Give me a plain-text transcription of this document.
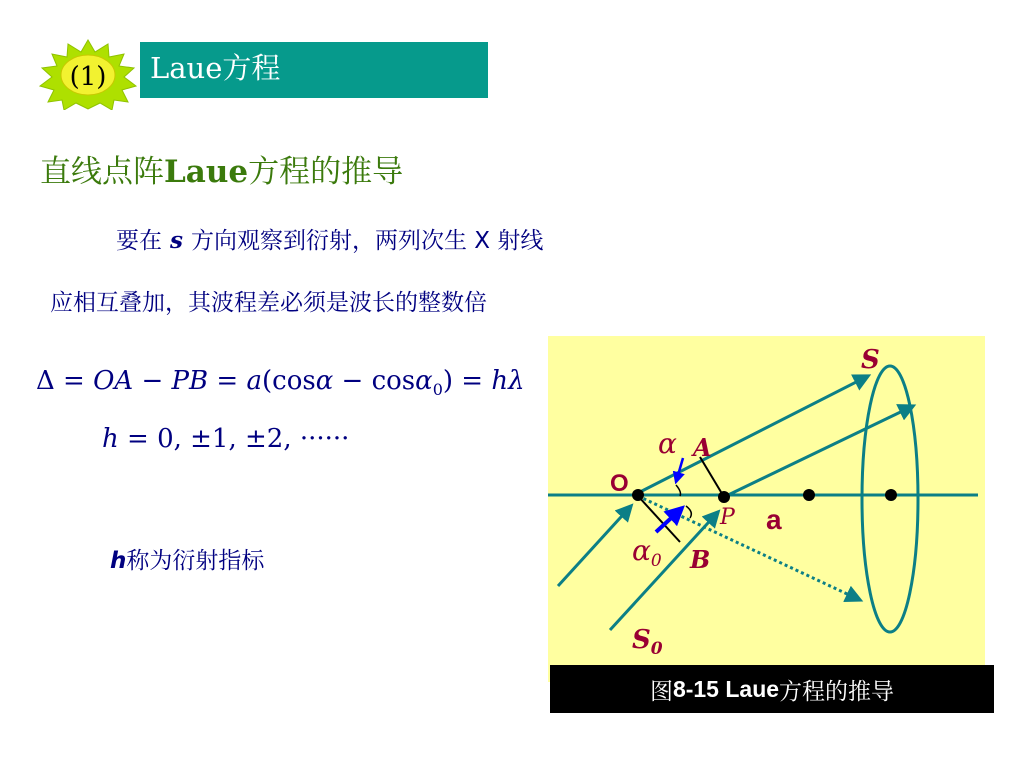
(1) Laue方程
直线点阵Laue方程的推导
要在 s 方向观察到衍射，两列次生 X 射线
应相互叠加，其波程差必须是波长的整数倍
Δ = OA − PB = a(cosα − cosα$_0$) = hλ
h = 0, ±1, ±2, ······
h称为衍射指标
S
α A
O
P a
$\alpha_0$ B
$S_0$
图 8-15 Laue 方程的推导
